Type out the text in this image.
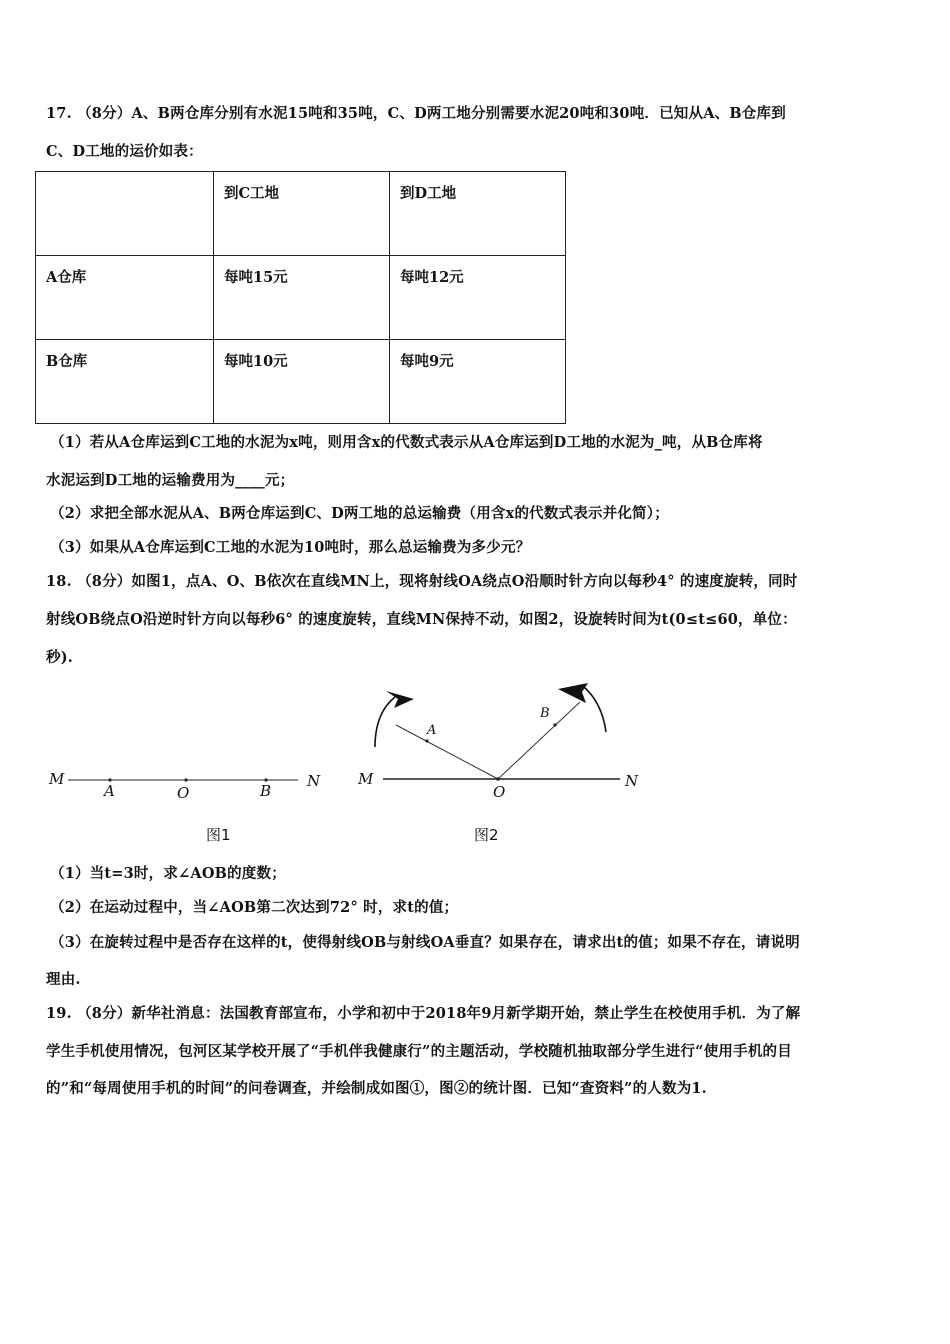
17. （8分）A、B两仓库分别有水泥15吨和35吨，C、D两工地分别需要水泥20吨和30吨．已知从A、B仓库到
C、D工地的运价如表：
	到C工地	到D工地
A仓库	每吨15元	每吨12元
B仓库	每吨10元	每吨9元
（1）若从A仓库运到C工地的水泥为x吨，则用含x的代数式表示从A仓库运到D工地的水泥为_吨，从B仓库将
水泥运到D工地的运输费用为____元；
（2）求把全部水泥从A、B两仓库运到C、D两工地的总运输费（用含x的代数式表示并化简）；
（3）如果从A仓库运到C工地的水泥为10吨时，那么总运输费为多少元？
18. （8分）如图1，点A、O、B依次在直线MN上，现将射线OA绕点O沿顺时针方向以每秒4° 的速度旋转，同时
射线OB绕点O沿逆时针方向以每秒6° 的速度旋转，直线MN保持不动，如图2，设旋转时间为t(0≤t≤60，单位：
秒).
M
A	O	B
N
图1
M
A
O
B
N
图2
（1）当t=3时，求∠AOB的度数；
（2）在运动过程中，当∠AOB第二次达到72° 时，求t的值；
（3）在旋转过程中是否存在这样的t，使得射线OB与射线OA垂直？如果存在，请求出t的值；如果不存在，请说明
理由.
19. （8分）新华社消息：法国教育部宣布，小学和初中于2018年9月新学期开始，禁止学生在校使用手机．为了解
学生手机使用情况，包河区某学校开展了“手机伴我健康行”的主题活动，学校随机抽取部分学生进行“使用手机的目
的”和“每周使用手机的时间”的问卷调查，并绘制成如图①，图②的统计图．已知“查资料”的人数为1.
